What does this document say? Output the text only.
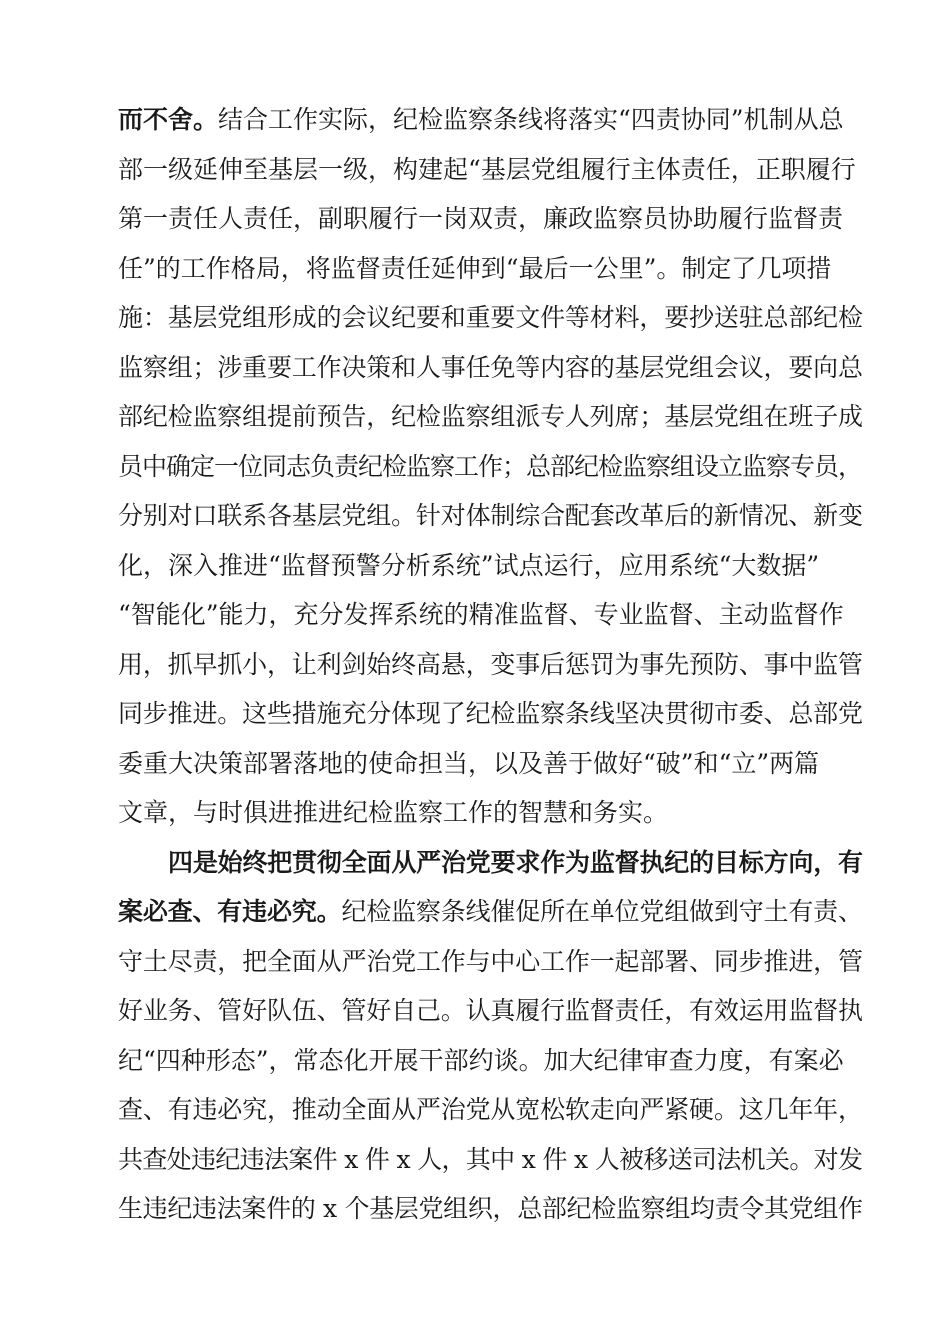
而不舍。结合工作实际，纪检监察条线将落实“四责协同”机制从总
部一级延伸至基层一级，构建起“基层党组履行主体责任，正职履行
第一责任人责任，副职履行一岗双责，廉政监察员协助履行监督责
任”的工作格局，将监督责任延伸到“最后一公里”。制定了几项措
施：基层党组形成的会议纪要和重要文件等材料，要抄送驻总部纪检
监察组；涉重要工作决策和人事任免等内容的基层党组会议，要向总
部纪检监察组提前预告，纪检监察组派专人列席；基层党组在班子成
员中确定一位同志负责纪检监察工作；总部纪检监察组设立监察专员，
分别对口联系各基层党组。针对体制综合配套改革后的新情况、新变
化，深入推进“监督预警分析系统”试点运行，应用系统“大数据”
“智能化”能力，充分发挥系统的精准监督、专业监督、主动监督作
用，抓早抓小，让利剑始终高悬，变事后惩罚为事先预防、事中监管
同步推进。这些措施充分体现了纪检监察条线坚决贯彻市委、总部党
委重大决策部署落地的使命担当，以及善于做好“破”和“立”两篇
文章，与时俱进推进纪检监察工作的智慧和务实。
四是始终把贯彻全面从严治党要求作为监督执纪的目标方向，有
案必查、有违必究。纪检监察条线催促所在单位党组做到守土有责、
守土尽责，把全面从严治党工作与中心工作一起部署、同步推进，管
好业务、管好队伍、管好自己。认真履行监督责任，有效运用监督执
纪“四种形态”，常态化开展干部约谈。加大纪律审查力度，有案必
查、有违必究，推动全面从严治党从宽松软走向严紧硬。这几年年，
共查处违纪违法案件 x 件 x 人，其中 x 件 x 人被移送司法机关。对发
生违纪违法案件的 x 个基层党组织，总部纪检监察组均责令其党组作
